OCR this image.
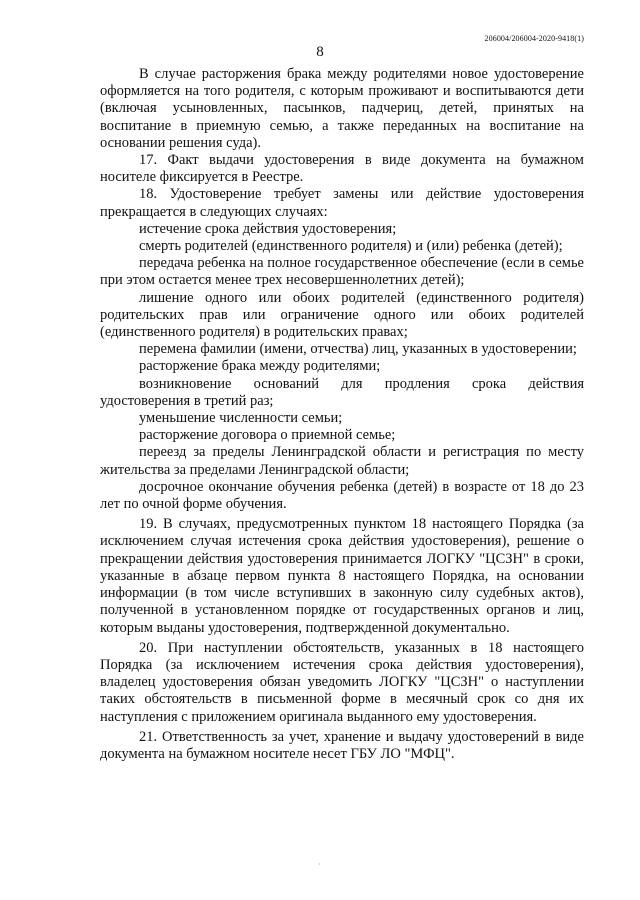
206004/206004-2020-9418(1)
8

В случае расторжения брака между родителями новое удостоверение оформляется на того родителя, с которым проживают и воспитываются дети (включая усыновленных, пасынков, падчериц, детей, принятых на воспитание в приемную семью, а также переданных на воспитание на основании решения суда).

17. Факт выдачи удостоверения в виде документа на бумажном носителе фиксируется в Реестре.

18. Удостоверение требует замены или действие удостоверения прекращается в следующих случаях:

истечение срока действия удостоверения;

смерть родителей (единственного родителя) и (или) ребенка (детей);

передача ребенка на полное государственное обеспечение (если в семье при этом остается менее трех несовершеннолетних детей);

лишение одного или обоих родителей (единственного родителя) родительских прав или ограничение одного или обоих родителей (единственного родителя) в родительских правах;

перемена фамилии (имени, отчества) лиц, указанных в удостоверении;

расторжение брака между родителями;

возникновение оснований для продления срока действия удостоверения в третий раз;

уменьшение численности семьи;

расторжение договора о приемной семье;

переезд за пределы Ленинградской области и регистрация по месту жительства за пределами Ленинградской области;

досрочное окончание обучения ребенка (детей) в возрасте от 18 до 23 лет по очной форме обучения.

19. В случаях, предусмотренных пунктом 18 настоящего Порядка (за исключением случая истечения срока действия удостоверения), решение о прекращении действия удостоверения принимается ЛОГКУ "ЦСЗН" в сроки, указанные в абзаце первом пункта 8 настоящего Порядка, на основании информации (в том числе вступивших в законную силу судебных актов), полученной в установленном порядке от государственных органов и лиц, которым выданы удостоверения, подтвержденной документально.

20. При наступлении обстоятельств, указанных в 18 настоящего Порядка (за исключением истечения срока действия удостоверения), владелец удостоверения обязан уведомить ЛОГКУ "ЦСЗН" о наступлении таких обстоятельств в письменной форме в месячный срок со дня их наступления с приложением оригинала выданного ему удостоверения.

21. Ответственность за учет, хранение и выдачу удостоверений в виде документа на бумажном носителе несет ГБУ ЛО "МФЦ".

·
